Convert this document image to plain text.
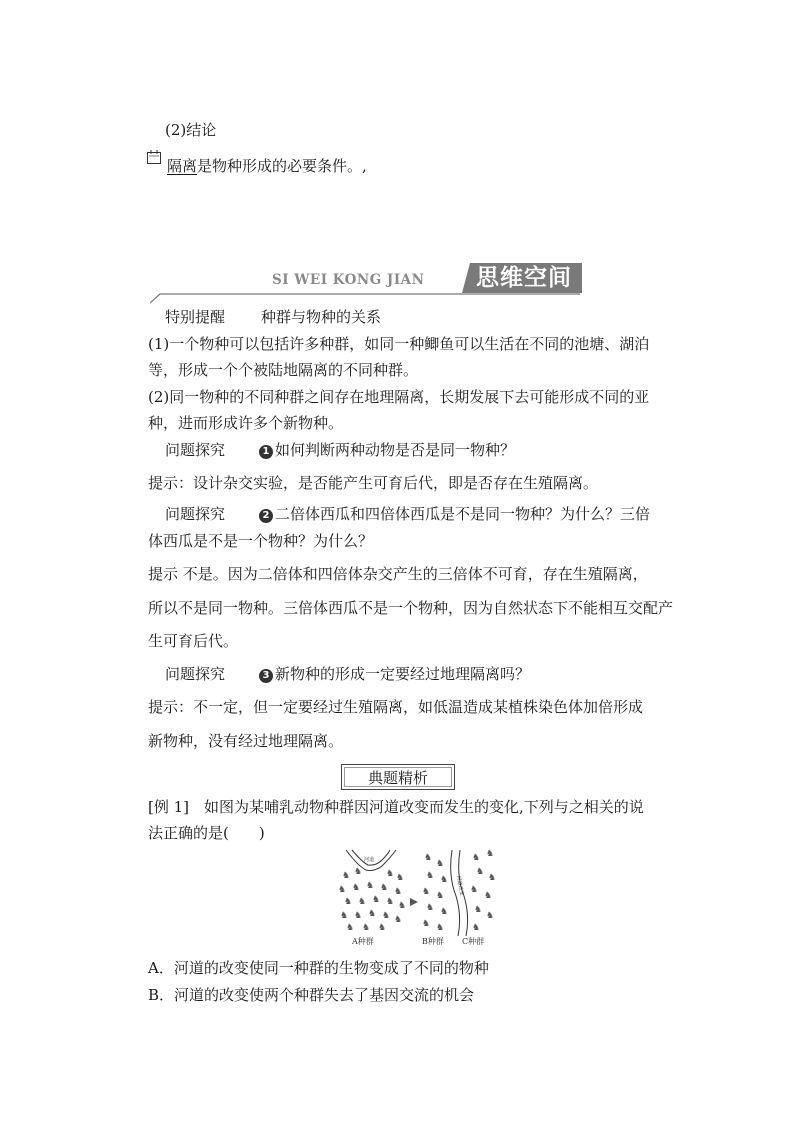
(2)结论
隔离是物种形成的必要条件。,
SI WEI KONG JIAN 思维空间
特别提醒 种群与物种的关系
(1)一个物种可以包括许多种群，如同一种鲫鱼可以生活在不同的池塘、湖泊
等，形成一个个被陆地隔离的不同种群。
(2)同一物种的不同种群之间存在地理隔离，长期发展下去可能形成不同的亚
种，进而形成许多个新物种。
问题探究	1 如何判断两种动物是否是同一物种？
提示：设计杂交实验，是否能产生可育后代，即是否存在生殖隔离。
问题探究	2 二倍体西瓜和四倍体西瓜是不是同一物种？为什么？三倍
体西瓜是不是一个物种？为什么？
提示 不是。因为二倍体和四倍体杂交产生的三倍体不可育，存在生殖隔离，
所以不是同一物种。三倍体西瓜不是一个物种，因为自然状态下不能相互交配产
生可育后代。
问题探究	3 新物种的形成一定要经过地理隔离吗？
提示：不一定，但一定要经过生殖隔离，如低温造成某植株染色体加倍形成
新物种，没有经过地理隔离。
典题精析
[例 1]　如图为某哺乳动物种群因河道改变而发生的变化,下列与之相关的说
法正确的是(　　)
河道
♞ ♞	♞ ♞
♞ ♞ ♞ ♞ ♞
♞ ♞ ♞ ♞ ♞
♞ ♞ ♞ ♞ ♞
♞ ♞ ♞
A种群
河道改变
♞
♞
♞ ♞
♞ ♞
♞ ♞
♞ ♞
♞ ♞
♞
♞
♞
♞
♞
♞
♞
B种群 C种群
A．河道的改变使同一种群的生物变成了不同的物种
B．河道的改变使两个种群失去了基因交流的机会
